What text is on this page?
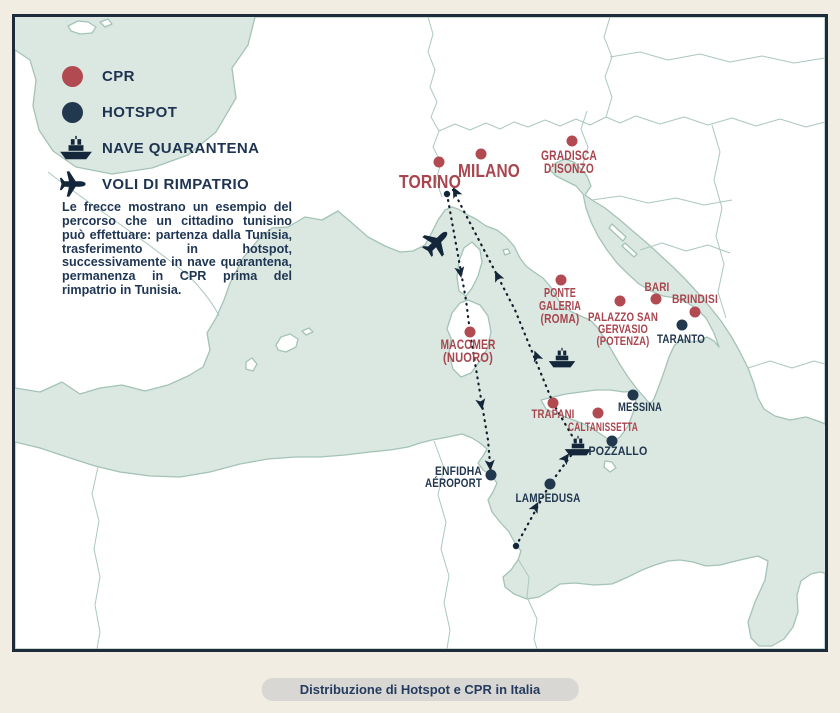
TORINO
MILANO
GRADISCA
D'ISONZO
PONTE
GALERIA
(ROMA)
BARI
BRINDISI
PALAZZO SAN
GERVASIO
(POTENZA)
MACOMER
(NUORO)
TRAPANI
CALTANISSETTA
TARANTO
MESSINA
POZZALLO
ENFIDHA
AÉROPORT
LAMPEDUSA
CPR
HOTSPOT
NAVE QUARANTENA
VOLI DI RIMPATRIO
Le frecce mostrano un esempio del percorso che un cittadino tunisino può effettuare: partenza dalla Tunisia, trasferimento in hotspot, successivamente in nave quarantena, permanenza in CPR prima del rimpatrio in Tunisia.
Distribuzione di Hotspot e CPR in Italia
